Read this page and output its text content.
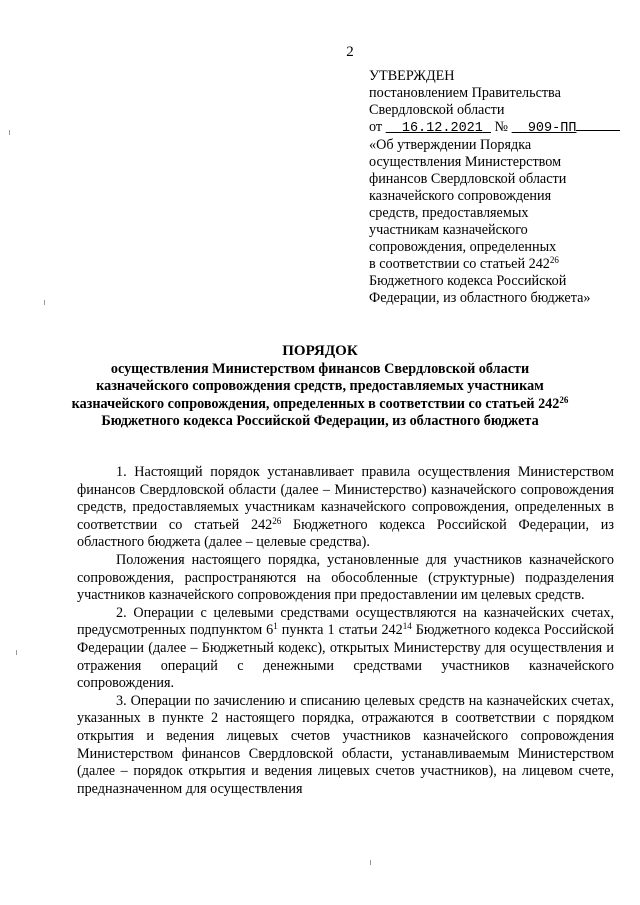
2
УТВЕРЖДЕН
постановлением Правительства
Свердловской области
от 16.12.2021 № 909-ПП
«Об утверждении Порядка
осуществления Министерством
финансов Свердловской области
казначейского сопровождения
средств, предоставляемых
участникам казначейского
сопровождения, определенных
в соответствии со статьей $242^{26}$
Бюджетного кодекса Российской
Федерации, из областного бюджета»
ПОРЯДОК
осуществления Министерством финансов Свердловской области
казначейского сопровождения средств, предоставляемых участникам
казначейского сопровождения, определенных в соответствии со статьей $242^{26}$
Бюджетного кодекса Российской Федерации, из областного бюджета

1. Настоящий порядок устанавливает правила осуществления Министерством финансов Свердловской области (далее – Министерство) казначейского сопровождения средств, предоставляемых участникам казначейского сопровождения, определенных в соответствии со статьей $242^{26}$ Бюджетного кодекса Российской Федерации, из областного бюджета (далее – целевые средства).

Положения настоящего порядка, установленные для участников казначейского сопровождения, распространяются на обособленные (структурные) подразделения участников казначейского сопровождения при предоставлении им целевых средств.

2. Операции с целевыми средствами осуществляются на казначейских счетах, предусмотренных подпунктом $6^1$ пункта 1 статьи $242^{14}$ Бюджетного кодекса Российской Федерации (далее – Бюджетный кодекс), открытых Министерству для осуществления и отражения операций с денежными средствами участников казначейского сопровождения.

3. Операции по зачислению и списанию целевых средств на казначейских счетах, указанных в пункте 2 настоящего порядка, отражаются в соответствии с порядком открытия и ведения лицевых счетов участников казначейского сопровождения Министерством финансов Свердловской области, устанавливаемым Министерством (далее – порядок открытия и ведения лицевых счетов участников), на лицевом счете, предназначенном для осуществления
